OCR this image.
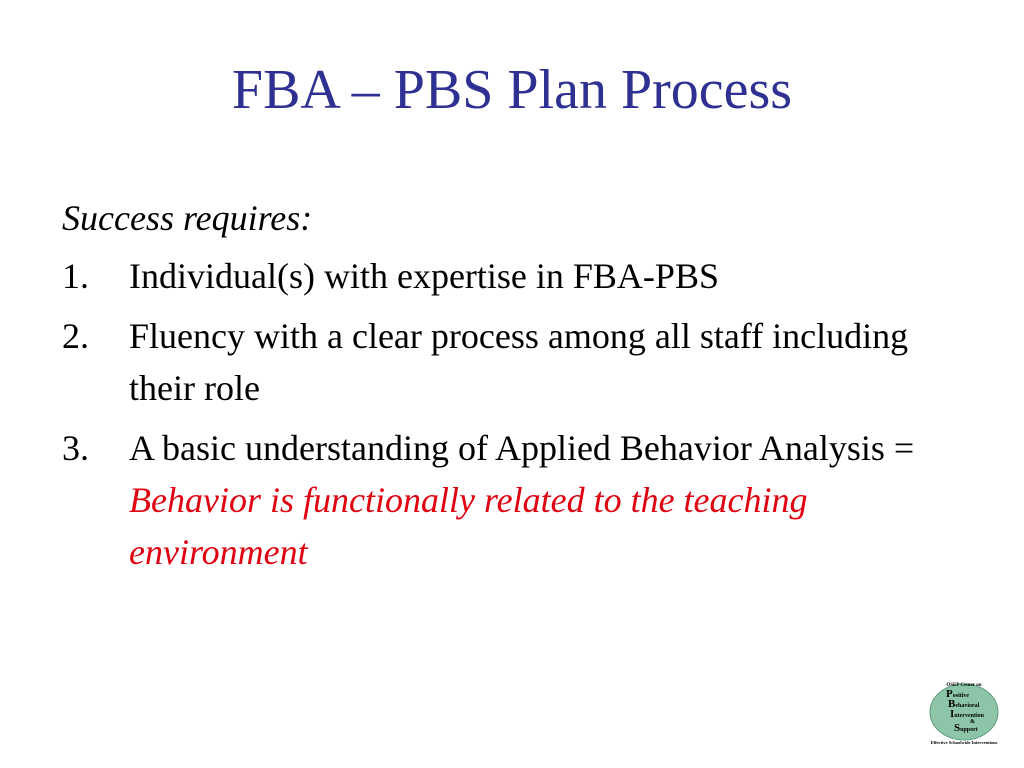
FBA – PBS Plan Process
Success requires:
1.	Individual(s) with expertise in FBA-PBS
2.	Fluency with a clear process among all staff including their role
3.	A basic understanding of Applied Behavior Analysis = Behavior is functionally related to the teaching environment
OSEP Center on
Positive
Behavioral
Intervention
&
Support
Effective Schoolwide Interventions
